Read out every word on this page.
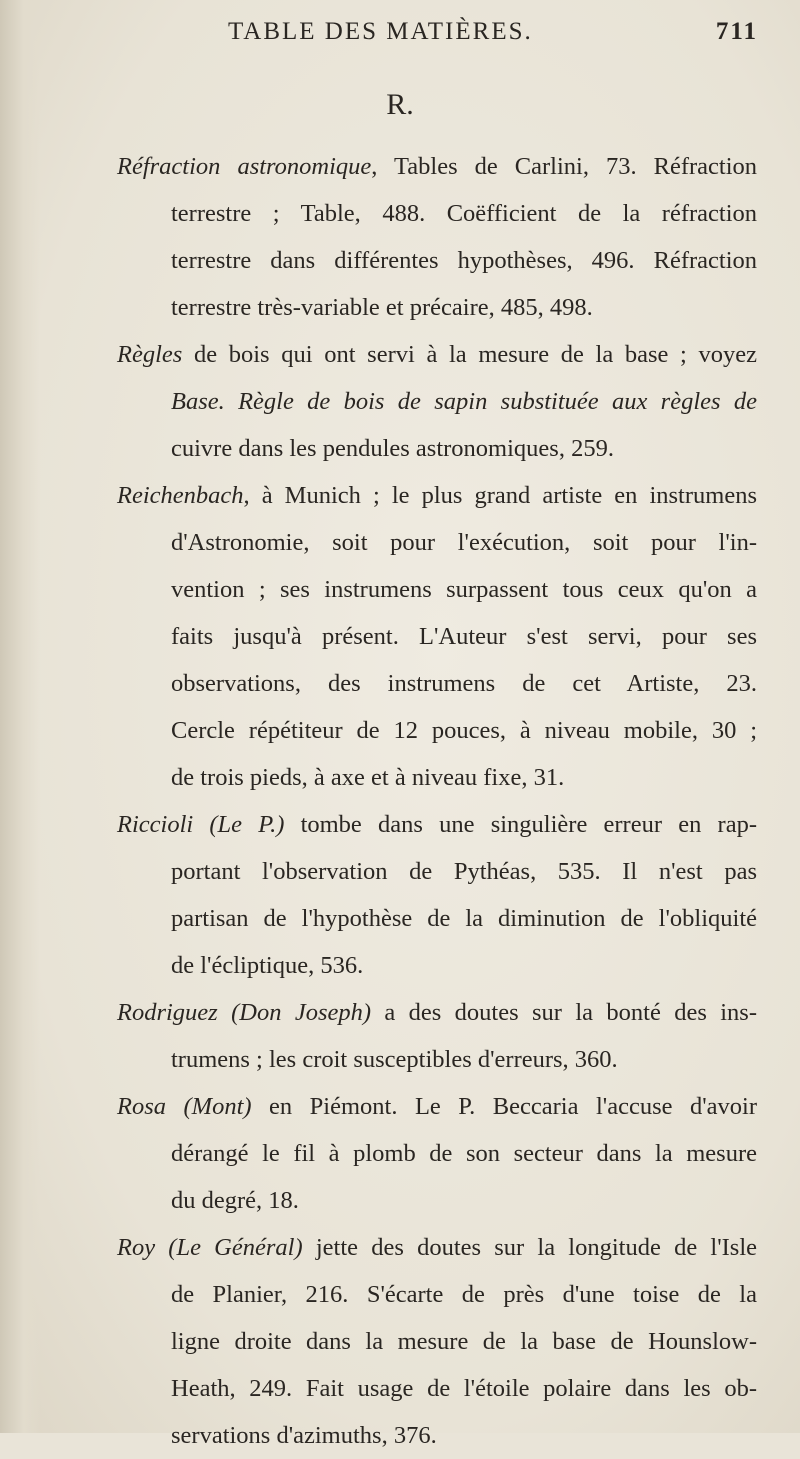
TABLE DES MATIÈRES.	711
R.
Réfraction astronomique, Tables de Carlini, 73. Réfraction
terrestre ; Table, 488. Coëfficient de la réfraction
terrestre dans différentes hypothèses, 496. Réfraction
terrestre très-variable et précaire, 485, 498.
Règles de bois qui ont servi à la mesure de la base ; voyez
Base. Règle de bois de sapin substituée aux règles de
cuivre dans les pendules astronomiques, 259.
Reichenbach, à Munich ; le plus grand artiste en instrumens
d'Astronomie, soit pour l'exécution, soit pour l'in-
vention ; ses instrumens surpassent tous ceux qu'on a
faits jusqu'à présent. L'Auteur s'est servi, pour ses
observations, des instrumens de cet Artiste, 23.
Cercle répétiteur de 12 pouces, à niveau mobile, 30 ;
de trois pieds, à axe et à niveau fixe, 31.
Riccioli (Le P.) tombe dans une singulière erreur en rap-
portant l'observation de Pythéas, 535. Il n'est pas
partisan de l'hypothèse de la diminution de l'obliquité
de l'écliptique, 536.
Rodriguez (Don Joseph) a des doutes sur la bonté des ins-
trumens ; les croit susceptibles d'erreurs, 360.
Rosa (Mont) en Piémont. Le P. Beccaria l'accuse d'avoir
dérangé le fil à plomb de son secteur dans la mesure
du degré, 18.
Roy (Le Général) jette des doutes sur la longitude de l'Isle
de Planier, 216. S'écarte de près d'une toise de la
ligne droite dans la mesure de la base de Hounslow-
Heath, 249. Fait usage de l'étoile polaire dans les ob-
servations d'azimuths, 376.
